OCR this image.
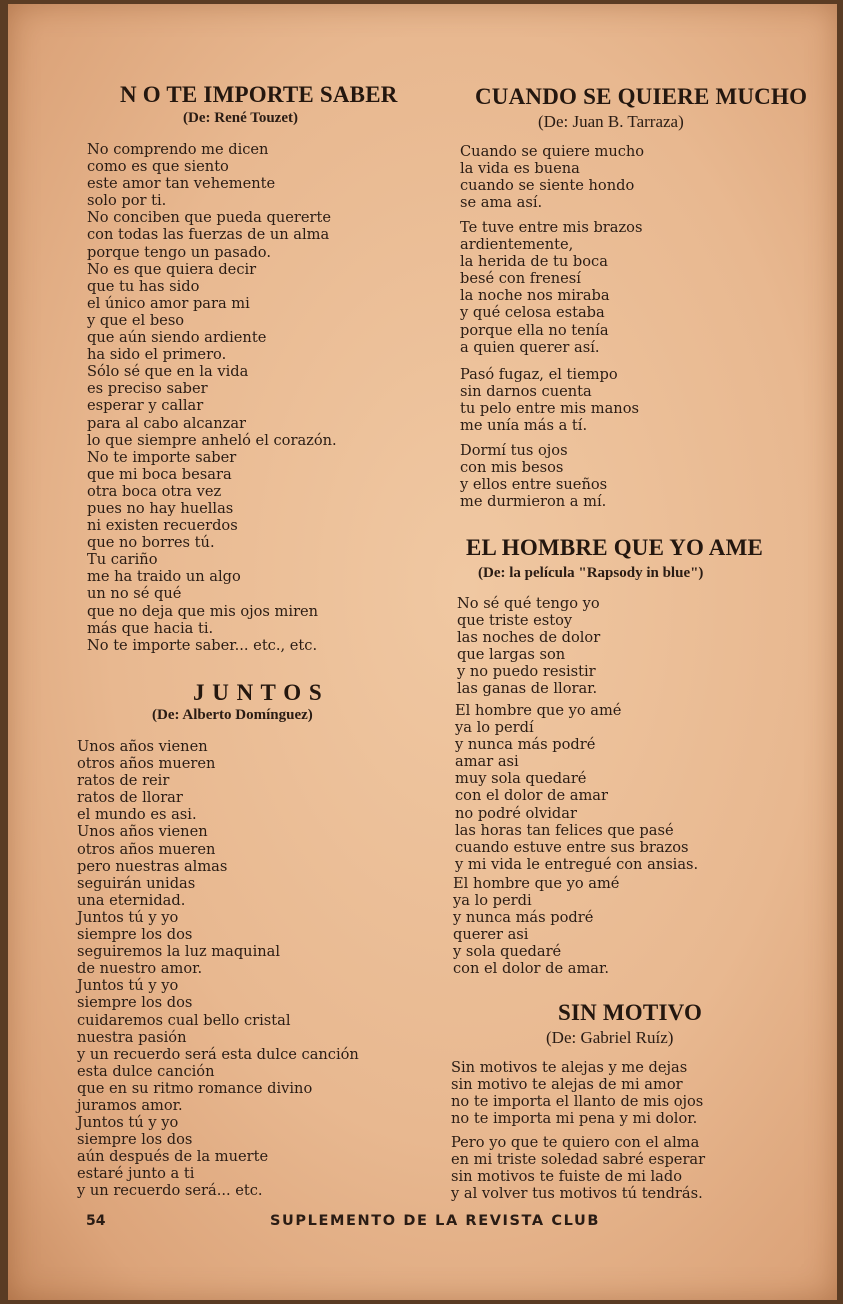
N O TE IMPORTE SABER
(De: René Touzet)
No comprendo me dicen
como es que siento
este amor tan vehemente
solo por ti.
No conciben que pueda quererte
con todas las fuerzas de un alma
porque tengo un pasado.
No es que quiera decir
que tu has sido
el único amor para mi
y que el beso
que aún siendo ardiente
ha sido el primero.
Sólo sé que en la vida
es preciso saber
esperar y callar
para al cabo alcanzar
lo que siempre anheló el corazón.
No te importe saber
que mi boca besara
otra boca otra vez
pues no hay huellas
ni existen recuerdos
que no borres tú.
Tu cariño
me ha traido un algo
un no sé qué
que no deja que mis ojos miren
más que hacia ti.
No te importe saber... etc., etc.
J U N T O S
(De: Alberto Domínguez)
Unos años vienen
otros años mueren
ratos de reir
ratos de llorar
el mundo es asi.
Unos años vienen
otros años mueren
pero nuestras almas
seguirán unidas
una eternidad.
Juntos tú y yo
siempre los dos
seguiremos la luz maquinal
de nuestro amor.
Juntos tú y yo
siempre los dos
cuidaremos cual bello cristal
nuestra pasión
y un recuerdo será esta dulce canción
esta dulce canción
que en su ritmo romance divino
juramos amor.
Juntos tú y yo
siempre los dos
aún después de la muerte
estaré junto a ti
y un recuerdo será... etc.
CUANDO SE QUIERE MUCHO
(De: Juan B. Tarraza)
Cuando se quiere mucho
la vida es buena
cuando se siente hondo
se ama así.
Te tuve entre mis brazos
ardientemente,
la herida de tu boca
besé con frenesí
la noche nos miraba
y qué celosa estaba
porque ella no tenía
a quien querer así.
Pasó fugaz, el tiempo
sin darnos cuenta
tu pelo entre mis manos
me unía más a tí.
Dormí tus ojos
con mis besos
y ellos entre sueños
me durmieron a mí.
EL HOMBRE QUE YO AME
(De: la película "Rapsody in blue")
No sé qué tengo yo
que triste estoy
las noches de dolor
que largas son
y no puedo resistir
las ganas de llorar.
El hombre que yo amé
ya lo perdí
y nunca más podré
amar asi
muy sola quedaré
con el dolor de amar
no podré olvidar
las horas tan felices que pasé
cuando estuve entre sus brazos
y mi vida le entregué con ansias.
El hombre que yo amé
ya lo perdi
y nunca más podré
querer asi
y sola quedaré
con el dolor de amar.
SIN MOTIVO
(De: Gabriel Ruíz)
Sin motivos te alejas y me dejas
sin motivo te alejas de mi amor
no te importa el llanto de mis ojos
no te importa mi pena y mi dolor.
Pero yo que te quiero con el alma
en mi triste soledad sabré esperar
sin motivos te fuiste de mi lado
y al volver tus motivos tú tendrás.
54	SUPLEMENTO DE LA REVISTA CLUB
